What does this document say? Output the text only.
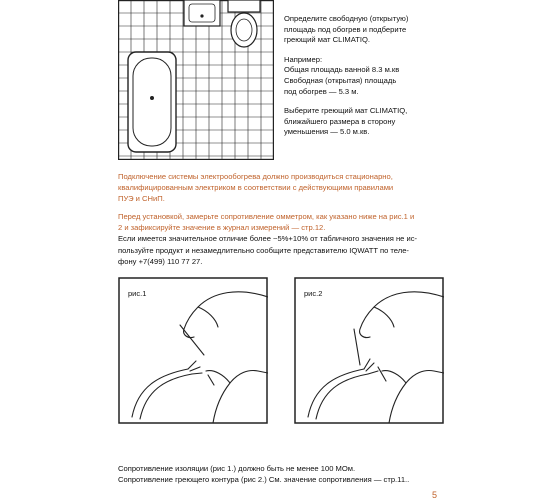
Определите свободную (открытую)
площадь под обогрев и подберите
греющий мат CLIMATIQ.

Например:
Общая площадь ванной 8.3 м.кв
Свободная (открытая) площадь
под обогрев — 5.3 м.

Выберите греющий мат CLIMATIQ,
ближайшего размера в сторону
уменьшения — 5.0 м.кв.

Подключение системы электрообогрева должно производиться стационарно,
квалифицированным электриком в соответствии с действующими правилами
ПУЭ и СНиП.
Перед установкой, замерьте сопротивление омметром, как указано ниже на рис.1 и
2 и зафиксируйте значение в журнал измерений — стр.12.
Если имеется значительное отличие более ~5%+10% от табличного значения не ис-
пользуйте продукт и незамедлительно сообщите представителю IQWATT по теле-
фону +7(499) 110 77 27.
рис.1	рис.2
Сопротивление изоляции (рис 1.) должно быть не менее 100 МОм.
Сопротивление греющего контура (рис 2.) См. значение сопротивления — стр.11..
5
